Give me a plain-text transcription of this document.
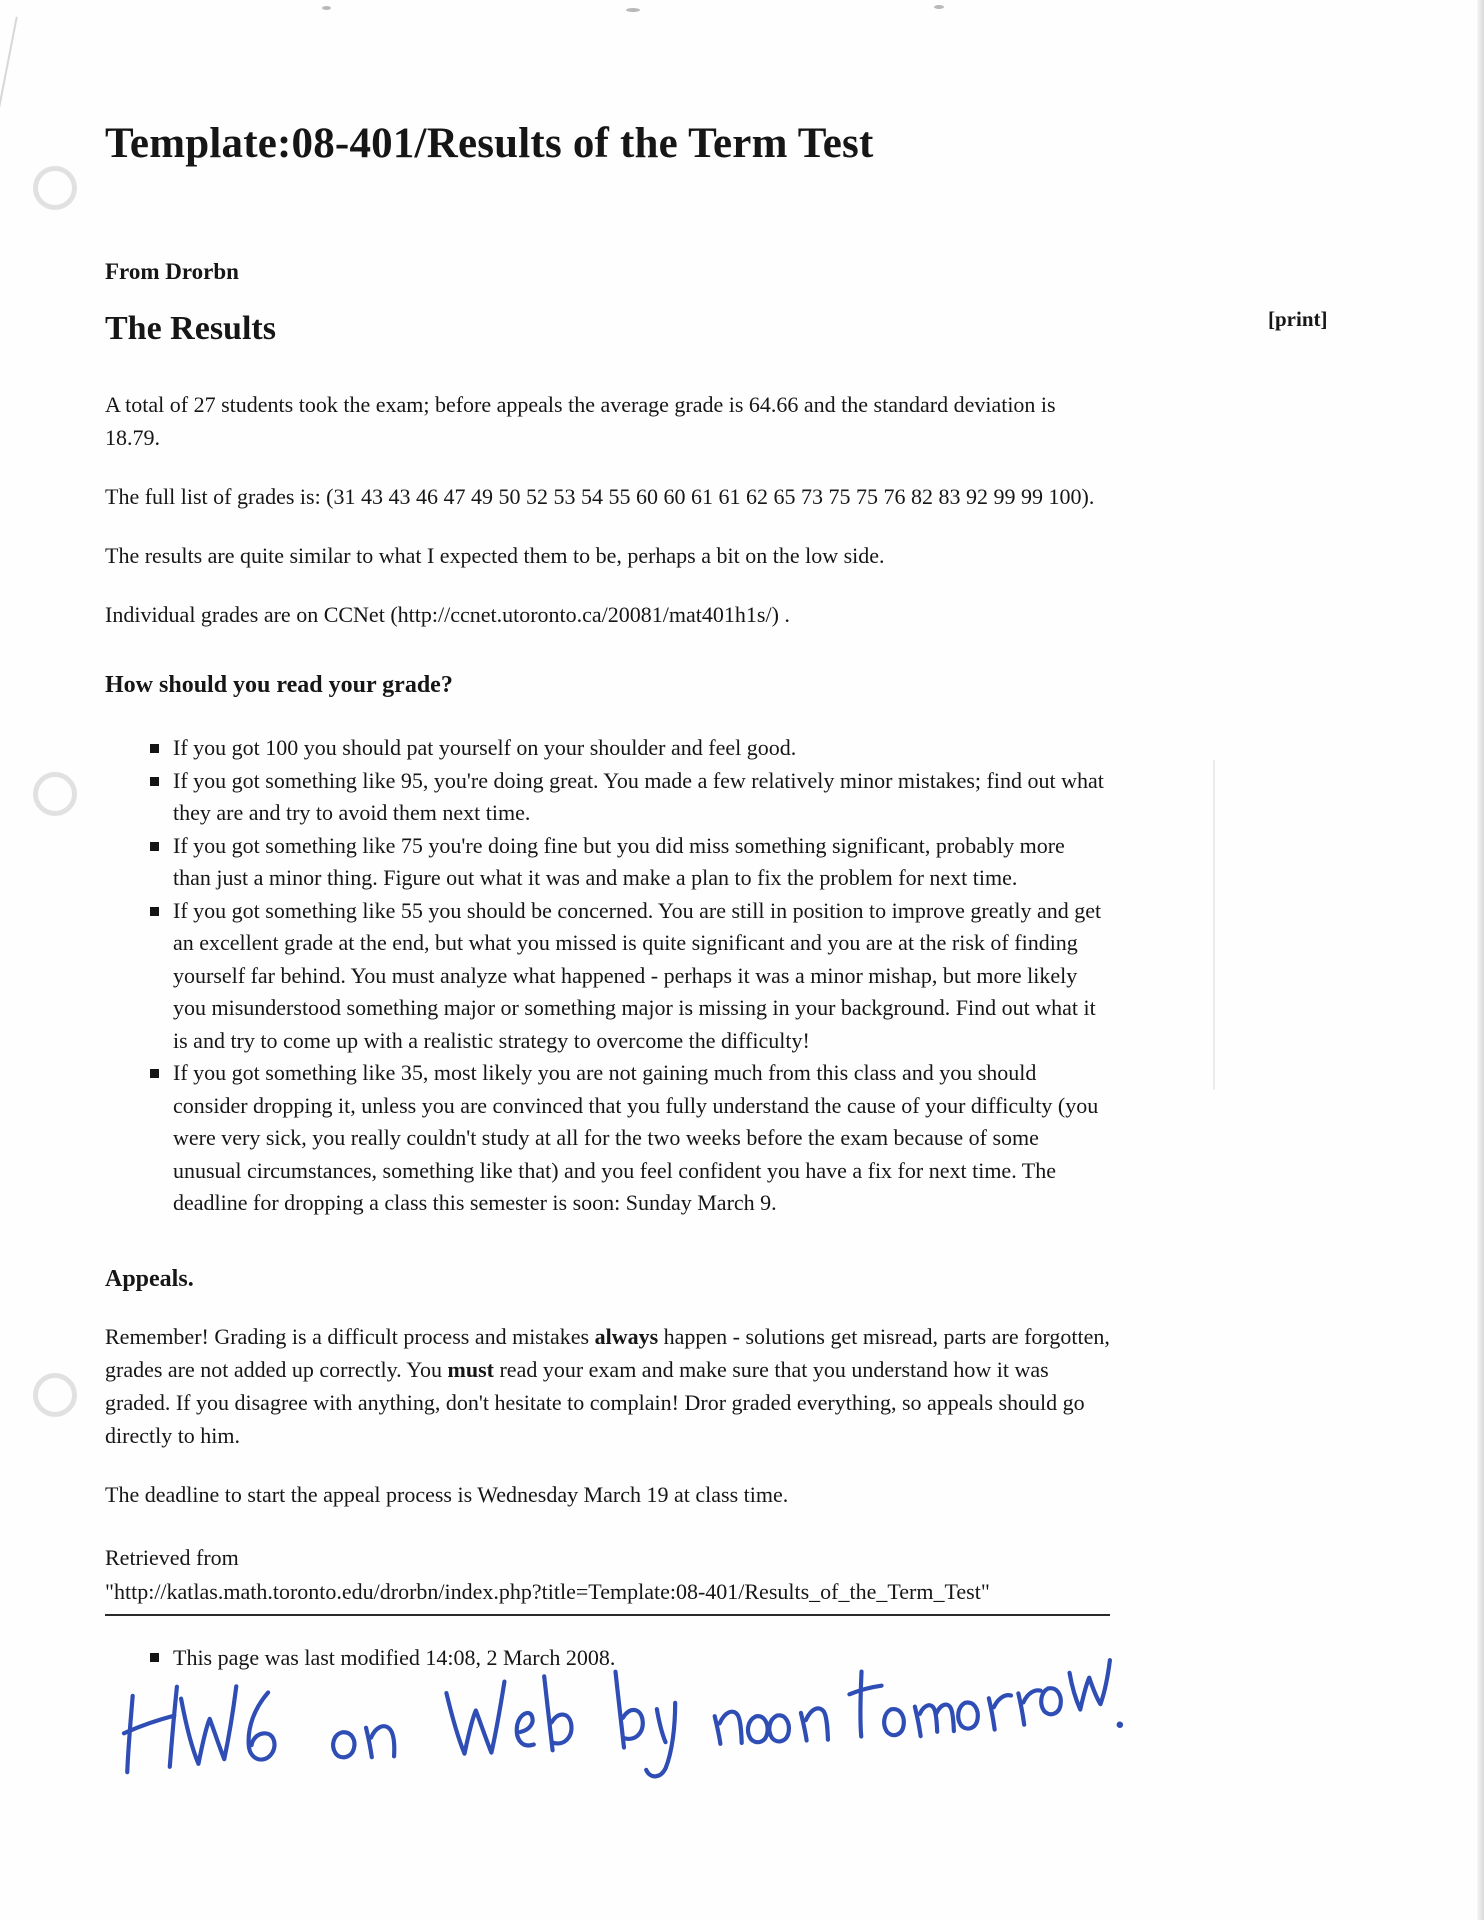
[print]
Template:08-401/Results of the Term Test
From Drorbn
The Results

A total of 27 students took the exam; before appeals the average grade is 64.66 and the standard deviation is 18.79.

The full list of grades is: (31 43 43 46 47 49 50 52 53 54 55 60 60 61 61 62 65 73 75 75 76 82 83 92 99 99 100).

The results are quite similar to what I expected them to be, perhaps a bit on the low side.

Individual grades are on CCNet (http://ccnet.utoronto.ca/20081/mat401h1s/) .

How should you read your grade?
If you got 100 you should pat yourself on your shoulder and feel good.
If you got something like 95, you're doing great. You made a few relatively minor mistakes; find out what they are and try to avoid them next time.
If you got something like 75 you're doing fine but you did miss something significant, probably more than just a minor thing. Figure out what it was and make a plan to fix the problem for next time.
If you got something like 55 you should be concerned. You are still in position to improve greatly and get an excellent grade at the end, but what you missed is quite significant and you are at the risk of finding yourself far behind. You must analyze what happened - perhaps it was a minor mishap, but more likely you misunderstood something major or something major is missing in your background. Find out what it is and try to come up with a realistic strategy to overcome the difficulty!
If you got something like 35, most likely you are not gaining much from this class and you should consider dropping it, unless you are convinced that you fully understand the cause of your difficulty (you were very sick, you really couldn't study at all for the two weeks before the exam because of some unusual circumstances, something like that) and you feel confident you have a fix for next time. The deadline for dropping a class this semester is soon: Sunday March 9.
Appeals.

Remember! Grading is a difficult process and mistakes always happen - solutions get misread, parts are forgotten, grades are not added up correctly. You must read your exam and make sure that you understand how it was graded. If you disagree with anything, don't hesitate to complain! Dror graded everything, so appeals should go directly to him.

The deadline to start the appeal process is Wednesday March 19 at class time.

Retrieved from
"http://katlas.math.toronto.edu/drorbn/index.php?title=Template:08-401/Results_of_the_Term_Test"
This page was last modified 14:08, 2 March 2008.
